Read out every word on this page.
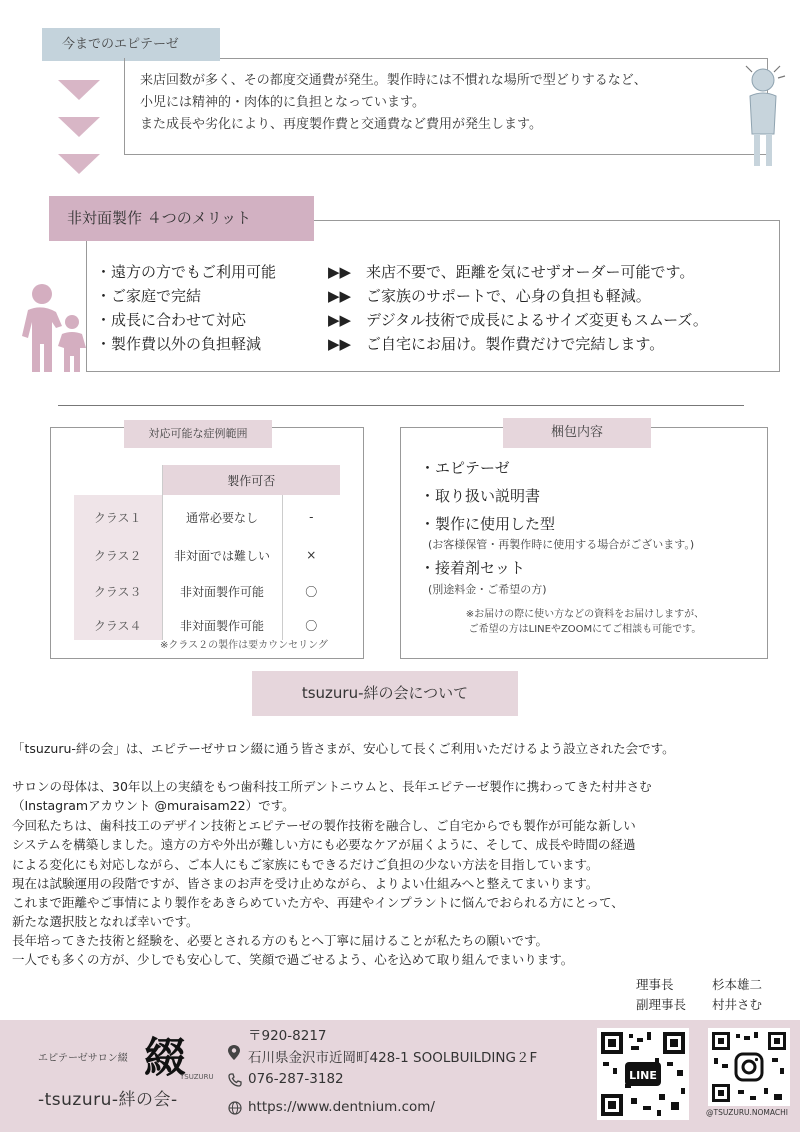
今までのエピテーゼ
来店回数が多く、その都度交通費が発生。製作時には不慣れな場所で型どりするなど、
小児には精神的・肉体的に負担となっています。
また成長や劣化により、再度製作費と交通費など費用が発生します。
非対面製作 ４つのメリット
・遠方の方でもご利用可能	▶▶ 来店不要で、距離を気にせずオーダー可能です。
・ご家庭で完結	▶▶ ご家族のサポートで、心身の負担も軽減。
・成長に合わせて対応	▶▶ デジタル技術で成長によるサイズ変更もスムーズ。
・製作費以外の負担軽減	▶▶ ご自宅にお届け。製作費だけで完結します。
対応可能な症例範囲
	製作可否	
クラス１	通常必要なし	-
クラス２	非対面では難しい	×
クラス３	非対面製作可能	〇
クラス４	非対面製作可能	〇
※クラス２の製作は要カウンセリング
梱包内容
・エピテーゼ
・取り扱い説明書
・製作に使用した型
(お客様保管・再製作時に使用する場合がございます。)
・接着剤セット
(別途料金・ご希望の方)
※お届けの際に使い方などの資料をお届けしますが、
ご希望の方はLINEやZOOMにてご相談も可能です。
tsuzuru-絆の会について
「tsuzuru-絆の会」は、エピテーゼサロン綴に通う皆さまが、安心して長くご利用いただけるよう設立された会です。
サロンの母体は、30年以上の実績をもつ歯科技工所デントニウムと、長年エピテーゼ製作に携わってきた村井さむ
（Instagramアカウント @muraisam22）です。
今回私たちは、歯科技工のデザイン技術とエピテーゼの製作技術を融合し、ご自宅からでも製作が可能な新しい
システムを構築しました。遠方の方や外出が難しい方にも必要なケアが届くように、そして、成長や時間の経過
による変化にも対応しながら、ご本人にもご家族にもできるだけご負担の少ない方法を目指しています。
現在は試験運用の段階ですが、皆さまのお声を受け止めながら、よりよい仕組みへと整えてまいります。
これまで距離やご事情により製作をあきらめていた方や、再建やインプラントに悩んでおられる方にとって、
新たな選択肢となれば幸いです。
長年培ってきた技術と経験を、必要とされる方のもとへ丁寧に届けることが私たちの願いです。
一人でも多くの方が、少しでも安心して、笑顔で過ごせるよう、心を込めて取り組んでまいります。
理事長	杉本雄二
副理事長 村井さむ
エピテーゼサロン綴 綴
TSUZURU
-tsuzuru-絆の会-
〒920-8217
石川県金沢市近岡町428-1 SOOLBUILDING２F
076-287-3182
https://www.dentnium.com/
LINE
@TSUZURU.NOMACHI
